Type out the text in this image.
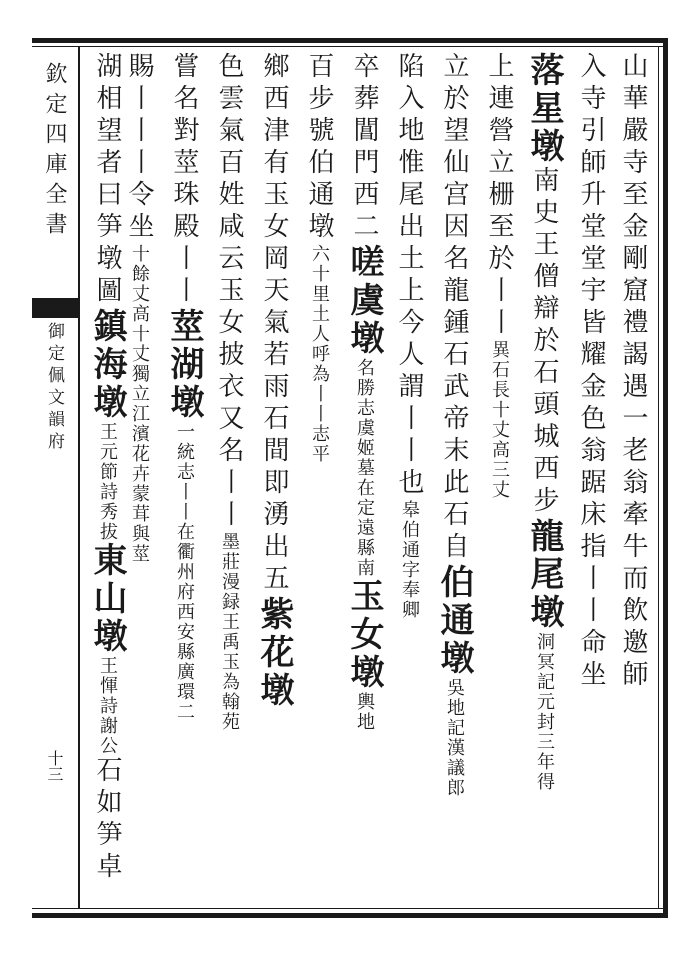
欽定四庫全書
御定佩文韻府
十三
山華嚴寺至金剛窟禮謁遇一老翁牽牛而飲邀師
入寺引師升堂堂宇皆耀金色翁踞床指丨丨命坐
落星墩南史王僧辯於石頭城西步龍尾墩洞冥記元封三年得
上連營立栅至於丨丨異石長十丈高三丈
立於望仙宫因名龍鍾石武帝末此石自伯通墩吳地記漢議郎
陷入地惟尾出土上今人謂丨丨也皋伯通字奉卿
卒葬閶門西二嗟虞墩名勝志虞姬墓在定遠縣南玉女墩輿地
百步號伯通墩六十里土人呼為丨丨志平
鄉西津有玉女岡天氣若雨石間即湧出五紫花墩
色雲氣百姓咸云玉女披衣又名丨丨墨莊漫録王禹玉為翰苑
嘗名對莖珠殿丨丨莖湖墩一統志丨丨在衢州府西安縣廣環二
賜丨丨丨令坐十餘丈高十丈獨立江濱花卉蒙茸與莖
湖相望者曰笋墩圖鎮海墩王元節詩秀拔東山墩王惲詩謝公石如笋卓
